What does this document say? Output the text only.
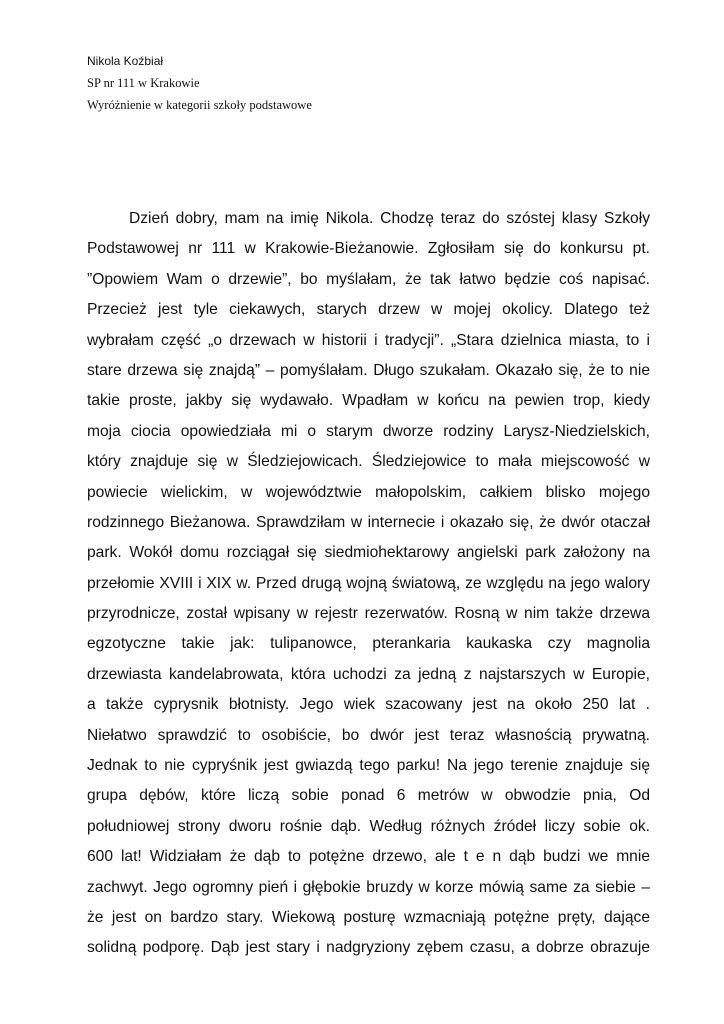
Nikola Koźbiał
SP nr 111 w Krakowie
Wyróżnienie w kategorii szkoły podstawowe
Dzień dobry, mam na imię Nikola. Chodzę teraz do szóstej klasy Szkoły
Podstawowej nr 111 w Krakowie-Bieżanowie. Zgłosiłam się do konkursu pt.
”Opowiem Wam o drzewie”, bo myślałam, że tak łatwo będzie coś napisać.
Przecież jest tyle ciekawych, starych drzew w mojej okolicy. Dlatego też
wybrałam część „o drzewach w historii i tradycji”. „Stara dzielnica miasta, to i
stare drzewa się znajdą” – pomyślałam. Długo szukałam. Okazało się, że to nie
takie proste, jakby się wydawało. Wpadłam w końcu na pewien trop, kiedy
moja ciocia opowiedziała mi o starym dworze rodziny Larysz-Niedzielskich,
który znajduje się w Śledziejowicach. Śledziejowice to mała miejscowość w
powiecie wielickim, w województwie małopolskim, całkiem blisko mojego
rodzinnego Bieżanowa. Sprawdziłam w internecie i okazało się, że dwór otaczał
park. Wokół domu rozciągał się siedmiohektarowy angielski park założony na
przełomie XVIII i XIX w. Przed drugą wojną światową, ze względu na jego walory
przyrodnicze, został wpisany w rejestr rezerwatów. Rosną w nim także drzewa
egzotyczne takie jak: tulipanowce, pterankaria kaukaska czy magnolia
drzewiasta kandelabrowata, która uchodzi za jedną z najstarszych w Europie,
a także cyprysnik błotnisty. Jego wiek szacowany jest na około 250 lat .
Niełatwo sprawdzić to osobiście, bo dwór jest teraz własnością prywatną.
Jednak to nie cypryśnik jest gwiazdą tego parku! Na jego terenie znajduje się
grupa dębów, które liczą sobie ponad 6 metrów w obwodzie pnia, Od
południowej strony dworu rośnie dąb. Według różnych źródeł liczy sobie ok.
600 lat! Widziałam że dąb to potężne drzewo, ale t e n dąb budzi we mnie
zachwyt. Jego ogromny pień i głębokie bruzdy w korze mówią same za siebie –
że jest on bardzo stary. Wiekową posturę wzmacniają potężne pręty, dające
solidną podporę. Dąb jest stary i nadgryziony zębem czasu, a dobrze obrazuje
